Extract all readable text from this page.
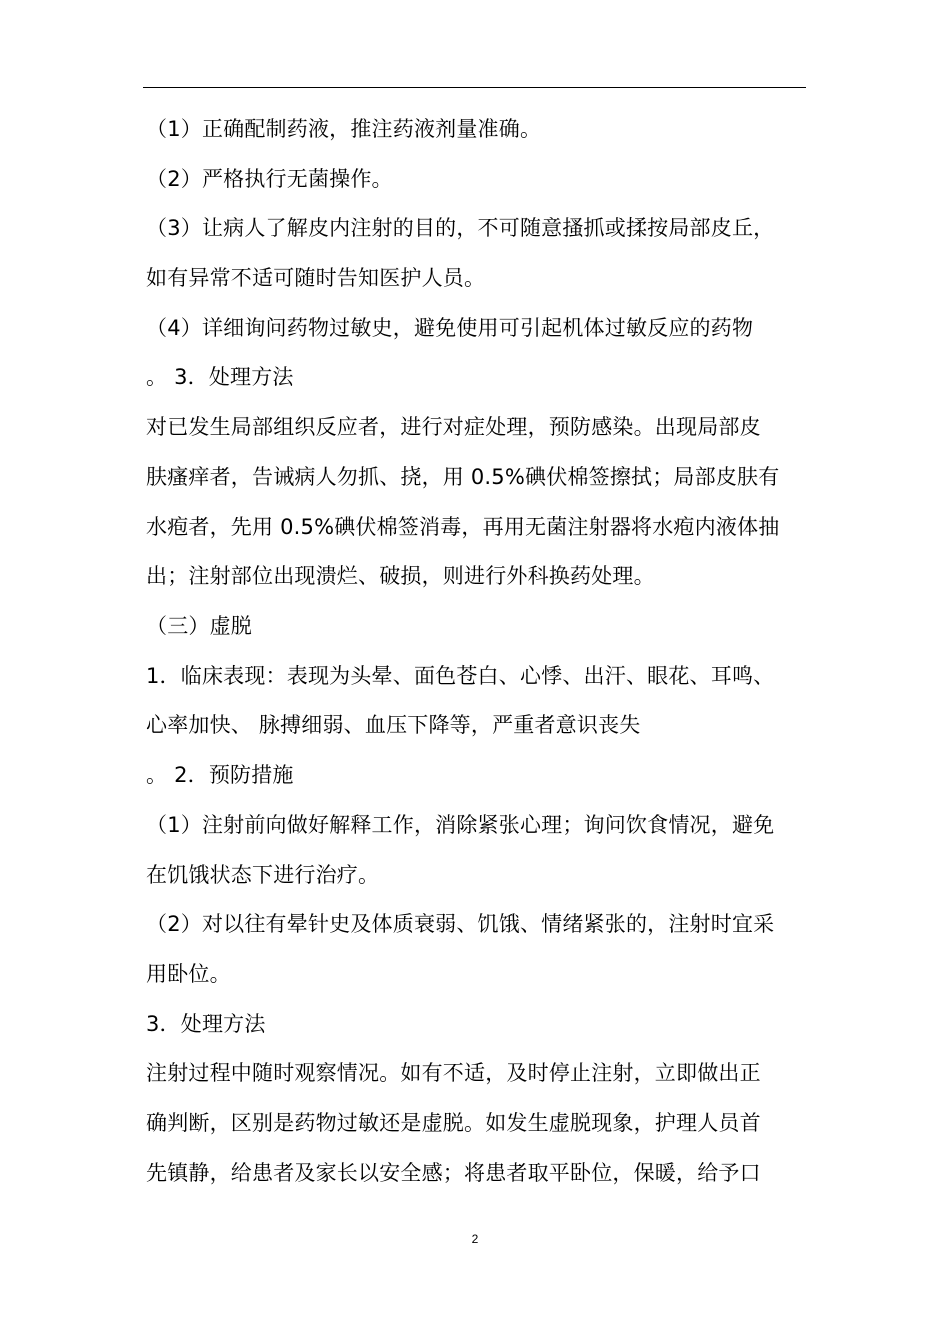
（1）正确配制药液，推注药液剂量准确。
（2）严格执行无菌操作。
（3）让病人了解皮内注射的目的，不可随意搔抓或揉按局部皮丘，
如有异常不适可随时告知医护人员。
（4）详细询问药物过敏史，避免使用可引起机体过敏反应的药物
。 3．处理方法
对已发生局部组织反应者，进行对症处理，预防感染。出现局部皮
肤瘙痒者，告诫病人勿抓、挠，用 0.5%碘伏棉签擦拭；局部皮肤有
水疱者，先用 0.5%碘伏棉签消毒，再用无菌注射器将水疱内液体抽
出；注射部位出现溃烂、破损，则进行外科换药处理。
（三）虚脱
1．临床表现：表现为头晕、面色苍白、心悸、出汗、眼花、耳鸣、
心率加快、 脉搏细弱、血压下降等，严重者意识丧失
。 2．预防措施
（1）注射前向做好解释工作，消除紧张心理；询问饮食情况，避免
在饥饿状态下进行治疗。
（2）对以往有晕针史及体质衰弱、饥饿、情绪紧张的，注射时宜采
用卧位。
3．处理方法
注射过程中随时观察情况。如有不适，及时停止注射，立即做出正
确判断，区别是药物过敏还是虚脱。如发生虚脱现象，护理人员首
先镇静，给患者及家长以安全感；将患者取平卧位，保暖，给予口
2
